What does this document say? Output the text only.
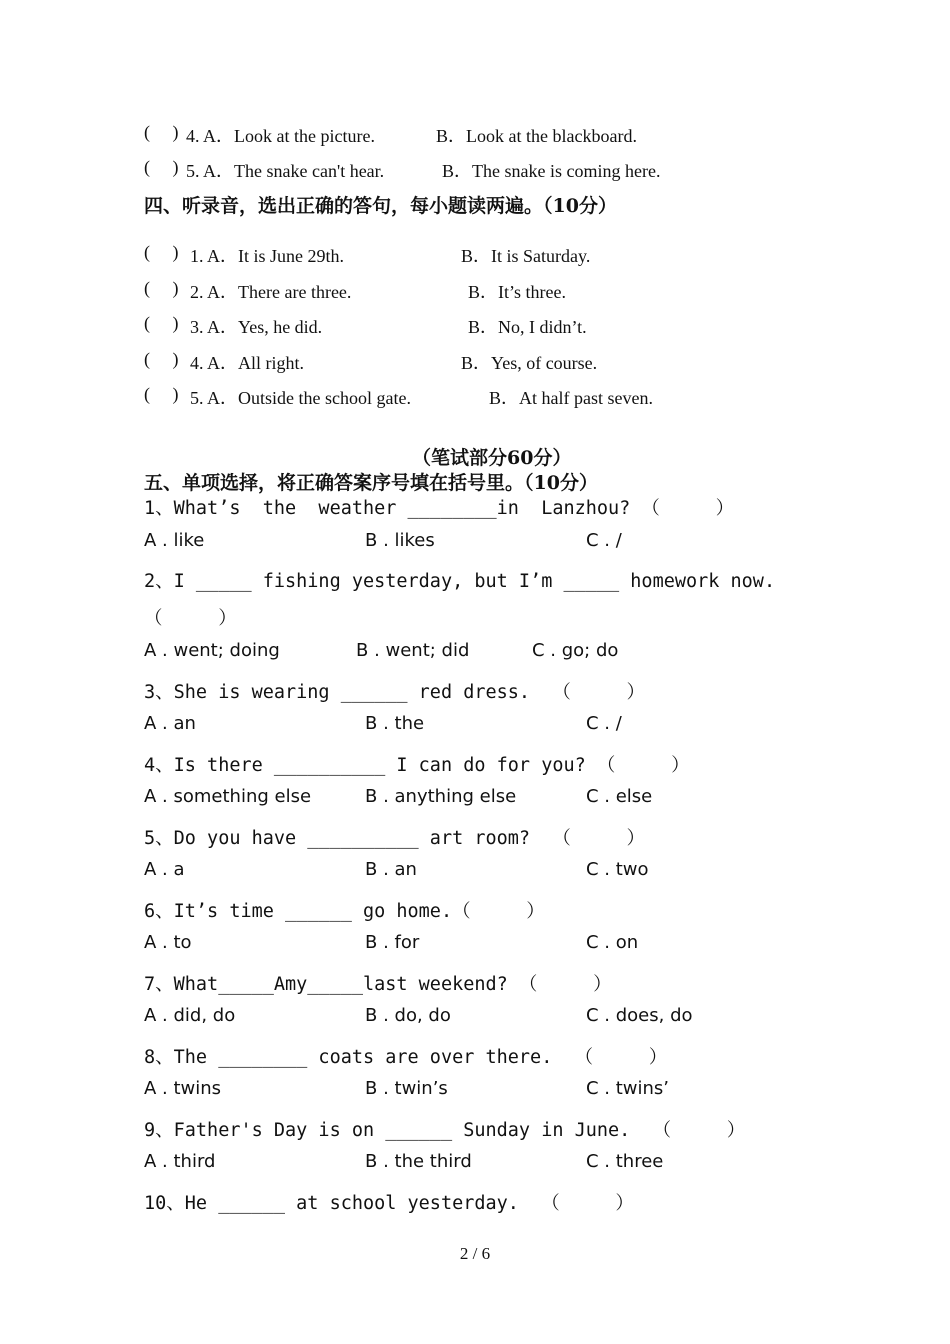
(     ) 4. A．Look at the picture.	B．Look at the blackboard.
(     ) 5. A．The snake can't hear.	B．The snake is coming here.
四、听录音，选出正确的答句，每小题读两遍。（10分）
(     ) 1. A．It is June 29th.	B．It is Saturday.
(     ) 2. A．There are three.	B．It’s three.
(     ) 3. A．Yes, he did.	B．No, I didn’t.
(     ) 4. A．All right.	B．Yes, of course.
(     ) 5. A．Outside the school gate.	B．At half past seven.
（笔试部分60分）
五、单项选择，将正确答案序号填在括号里。（10分）
1、What’s  the  weather ________in  Lanzhou? （     ）
A . like	B . likes	C . /
2、I _____ fishing yesterday, but I’m _____ homework now.
（     ）
A . went; doing	B . went; did	C . go; do
3、She is wearing ______ red dress.  （     ）
A . an	B . the	C . /
4、Is there __________ I can do for you? （     ）
A . something else	B . anything else	C . else
5、Do you have __________ art room?  （     ）
A . a	B . an	C . two
6、It’s time ______ go home.（     ）
A . to	B . for	C . on
7、What_____Amy_____last weekend? （     ）
A . did, do	B . do, do	C . does, do
8、The ________ coats are over there.  （     ）
A . twins	B . twin’s	C . twins’
9、Father's Day is on ______ Sunday in June.  （     ）
A . third	B . the third	C . three
10、He ______ at school yesterday.  （     ）
2 / 6
